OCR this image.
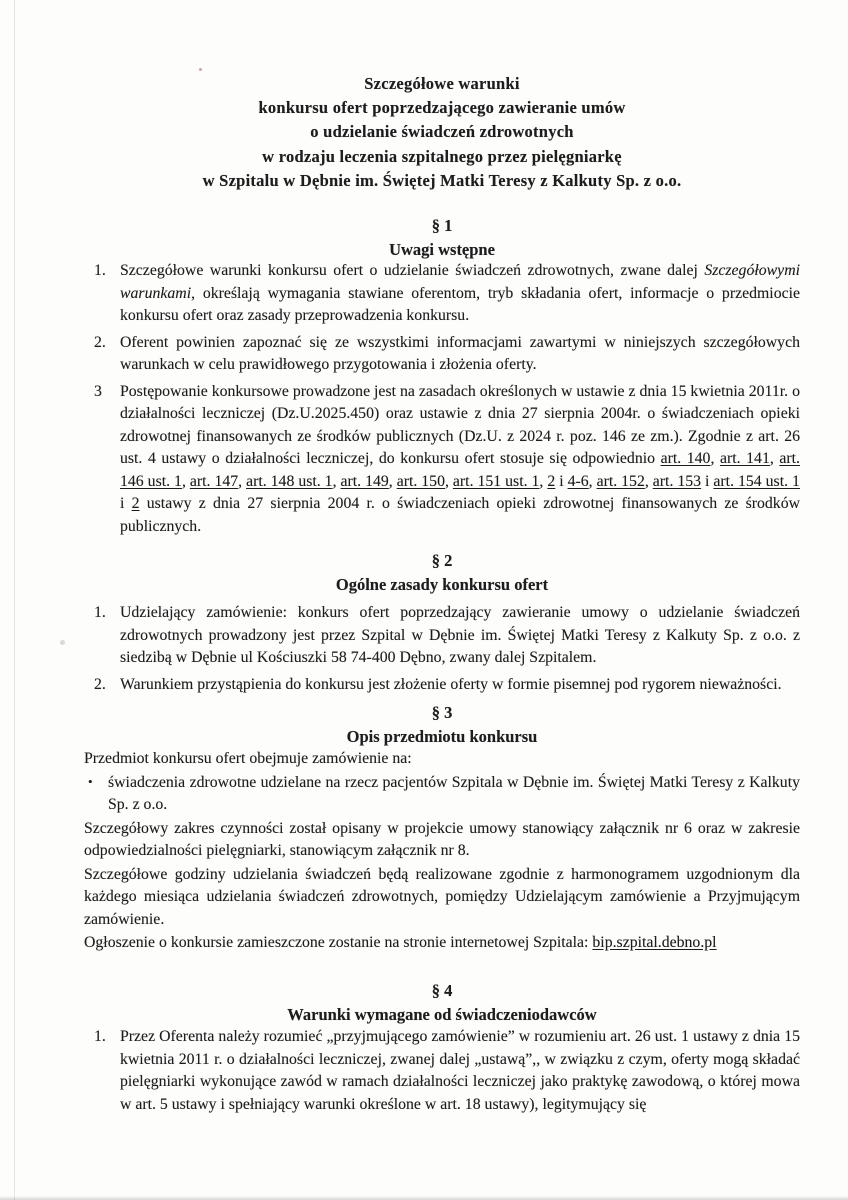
Szczegółowe warunki
konkursu ofert poprzedzającego zawieranie umów
o udzielanie świadczeń zdrowotnych
w rodzaju leczenia szpitalnego przez pielęgniarkę
w Szpitalu w Dębnie im. Świętej Matki Teresy z Kalkuty Sp. z o.o.
§ 1
Uwagi wstępne
1. Szczegółowe warunki konkursu ofert o udzielanie świadczeń zdrowotnych, zwane dalej Szczegółowymi warunkami, określają wymagania stawiane oferentom, tryb składania ofert, informacje o przedmiocie konkursu ofert oraz zasady przeprowadzenia konkursu.
2. Oferent powinien zapoznać się ze wszystkimi informacjami zawartymi w niniejszych szczegółowych warunkach w celu prawidłowego przygotowania i złożenia oferty.
3	Postępowanie konkursowe prowadzone jest na zasadach określonych w ustawie z dnia 15 kwietnia 2011r. o działalności leczniczej (Dz.U.2025.450) oraz ustawie z dnia 27 sierpnia 2004r. o świadczeniach opieki zdrowotnej finansowanych ze środków publicznych (Dz.U. z 2024 r. poz. 146 ze zm.). Zgodnie z art. 26 ust. 4 ustawy o działalności leczniczej, do konkursu ofert stosuje się odpowiednio art. 140, art. 141, art. 146 ust. 1, art. 147, art. 148 ust. 1, art. 149, art. 150, art. 151 ust. 1, 2 i 4-6, art. 152, art. 153 i art. 154 ust. 1 i 2 ustawy z dnia 27 sierpnia 2004 r. o świadczeniach opieki zdrowotnej finansowanych ze środków publicznych.
§ 2
Ogólne zasady konkursu ofert
1. Udzielający zamówienie: konkurs ofert poprzedzający zawieranie umowy o udzielanie świadczeń zdrowotnych prowadzony jest przez Szpital w Dębnie im. Świętej Matki Teresy z Kalkuty Sp. z o.o. z siedzibą w Dębnie ul Kościuszki 58 74-400 Dębno, zwany dalej Szpitalem.
2. Warunkiem przystąpienia do konkursu jest złożenie oferty w formie pisemnej pod rygorem nieważności.
§ 3
Opis przedmiotu konkursu

Przedmiot konkursu ofert obejmuje zamówienie na:

• świadczenia zdrowotne udzielane na rzecz pacjentów Szpitala w Dębnie im. Świętej Matki Teresy z Kalkuty Sp. z o.o.

Szczegółowy zakres czynności został opisany w projekcie umowy stanowiący załącznik nr 6 oraz w zakresie odpowiedzialności pielęgniarki, stanowiącym załącznik nr 8.

Szczegółowe godziny udzielania świadczeń będą realizowane zgodnie z harmonogramem uzgodnionym dla każdego miesiąca udzielania świadczeń zdrowotnych, pomiędzy Udzielającym zamówienie a Przyjmującym zamówienie.

Ogłoszenie o konkursie zamieszczone zostanie na stronie internetowej Szpitala: bip.szpital.debno.pl

§ 4
Warunki wymagane od świadczeniodawców
1. Przez Oferenta należy rozumieć „przyjmującego zamówienie” w rozumieniu art. 26 ust. 1 ustawy z dnia 15 kwietnia 2011 r. o działalności leczniczej, zwanej dalej „ustawą”,, w związku z czym, oferty mogą składać pielęgniarki wykonujące zawód w ramach działalności leczniczej jako praktykę zawodową, o której mowa w art. 5 ustawy i spełniający warunki określone w art. 18 ustawy), legitymujący się
